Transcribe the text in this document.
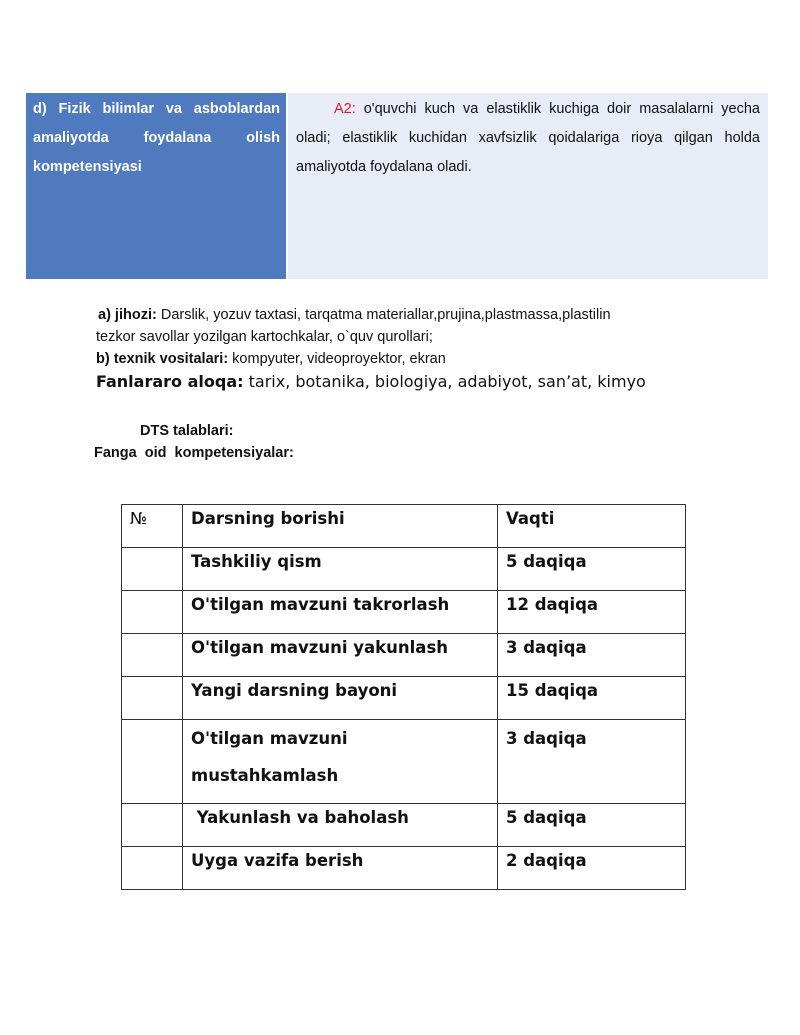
d) Fizik bilimlar va asboblardan amaliyotda foydalana olish kompetensiyasi
A2: o'quvchi kuch va elastiklik kuchiga doir masalalarni yecha oladi; elastiklik kuchidan xavfsizlik qoidalariga rioya qilgan holda amaliyotda foydalana oladi.
a) jihozi: Darslik, yozuv taxtasi, tarqatma materiallar,prujina,plastmassa,plastilin
tezkor savollar yozilgan kartochkalar, o`quv qurollari;
b) texnik vositalari: kompyuter, videoproyektor, ekran
Fanlararo aloqa: tarix, botanika, biologiya, adabiyot, san’at, kimyo
DTS talablari:
Fanga  oid  kompetensiyalar:
№	Darsning borishi	Vaqti
	Tashkiliy qism	5 daqiqa
	O'tilgan mavzuni takrorlash	12 daqiqa
	O'tilgan mavzuni yakunlash	3 daqiqa
	Yangi darsning bayoni	15 daqiqa
	O'tilgan mavzuni mustahkamlash	3 daqiqa
	Yakunlash va baholash	5 daqiqa
	Uyga vazifa berish	2 daqiqa
